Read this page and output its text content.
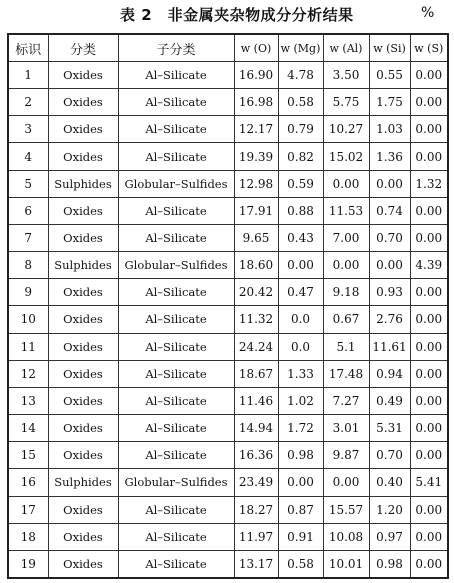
表 2　非金属夹杂物成分分析结果	%
标识	分类	子分类	w (O)	w (Mg)	w (Al)	w (Si)	w (S)
1	Oxides	Al–Silicate	16.90	4.78	3.50	0.55	0.00
2	Oxides	Al–Silicate	16.98	0.58	5.75	1.75	0.00
3	Oxides	Al–Silicate	12.17	0.79	10.27	1.03	0.00
4	Oxides	Al–Silicate	19.39	0.82	15.02	1.36	0.00
5	Sulphides	Globular–Sulfides	12.98	0.59	0.00	0.00	1.32
6	Oxides	Al–Silicate	17.91	0.88	11.53	0.74	0.00
7	Oxides	Al–Silicate	9.65	0.43	7.00	0.70	0.00
8	Sulphides	Globular–Sulfides	18.60	0.00	0.00	0.00	4.39
9	Oxides	Al–Silicate	20.42	0.47	9.18	0.93	0.00
10	Oxides	Al–Silicate	11.32	0.0	0.67	2.76	0.00
11	Oxides	Al–Silicate	24.24	0.0	5.1	11.61	0.00
12	Oxides	Al–Silicate	18.67	1.33	17.48	0.94	0.00
13	Oxides	Al–Silicate	11.46	1.02	7.27	0.49	0.00
14	Oxides	Al–Silicate	14.94	1.72	3.01	5.31	0.00
15	Oxides	Al–Silicate	16.36	0.98	9.87	0.70	0.00
16	Sulphides	Globular–Sulfides	23.49	0.00	0.00	0.40	5.41
17	Oxides	Al–Silicate	18.27	0.87	15.57	1.20	0.00
18	Oxides	Al–Silicate	11.97	0.91	10.08	0.97	0.00
19	Oxides	Al–Silicate	13.17	0.58	10.01	0.98	0.00
